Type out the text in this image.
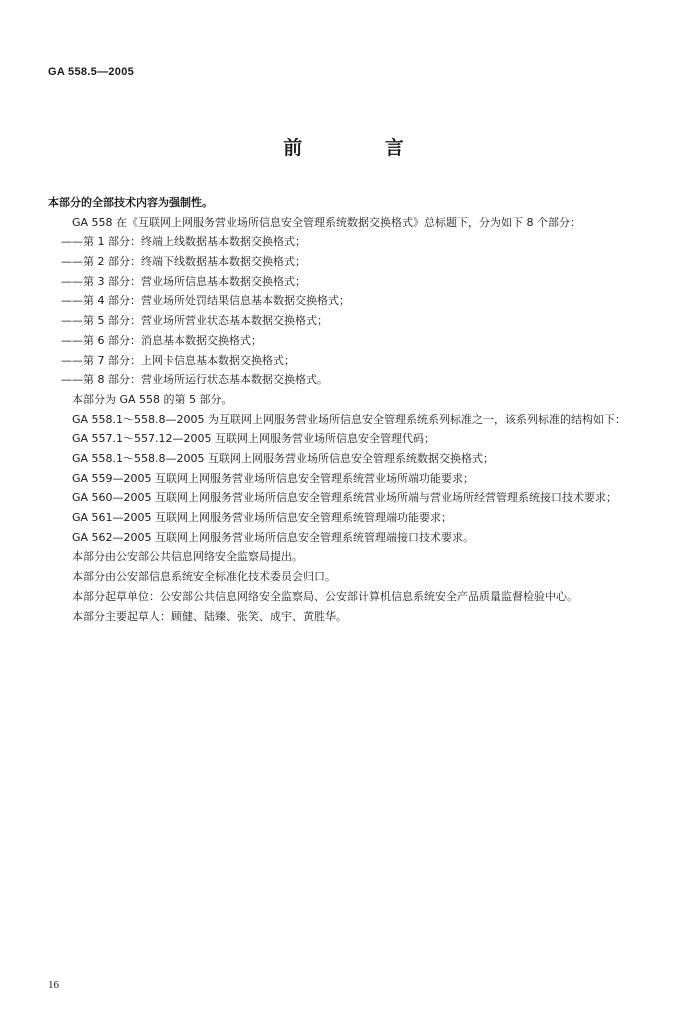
GA 558.5—2005
前 言
本部分的全部技术内容为强制性。
GA 558 在《互联网上网服务营业场所信息安全管理系统数据交换格式》总标题下，分为如下 8 个部分：
——第 1 部分：终端上线数据基本数据交换格式；
——第 2 部分：终端下线数据基本数据交换格式；
——第 3 部分：营业场所信息基本数据交换格式；
——第 4 部分：营业场所处罚结果信息基本数据交换格式；
——第 5 部分：营业场所营业状态基本数据交换格式；
——第 6 部分：消息基本数据交换格式；
——第 7 部分：上网卡信息基本数据交换格式；
——第 8 部分：营业场所运行状态基本数据交换格式。
本部分为 GA 558 的第 5 部分。
GA 558.1～558.8—2005 为互联网上网服务营业场所信息安全管理系统系列标准之一，该系列标准的结构如下：
GA 557.1～557.12—2005 互联网上网服务营业场所信息安全管理代码；
GA 558.1～558.8—2005 互联网上网服务营业场所信息安全管理系统数据交换格式；
GA 559—2005 互联网上网服务营业场所信息安全管理系统营业场所端功能要求；
GA 560—2005 互联网上网服务营业场所信息安全管理系统营业场所端与营业场所经营管理系统接口技术要求；
GA 561—2005 互联网上网服务营业场所信息安全管理系统管理端功能要求；
GA 562—2005 互联网上网服务营业场所信息安全管理系统管理端接口技术要求。
本部分由公安部公共信息网络安全监察局提出。
本部分由公安部信息系统安全标准化技术委员会归口。
本部分起草单位：公安部公共信息网络安全监察局、公安部计算机信息系统安全产品质量监督检验中心。
本部分主要起草人：顾健、陆臻、张笑、成宇、黄胜华。
16
